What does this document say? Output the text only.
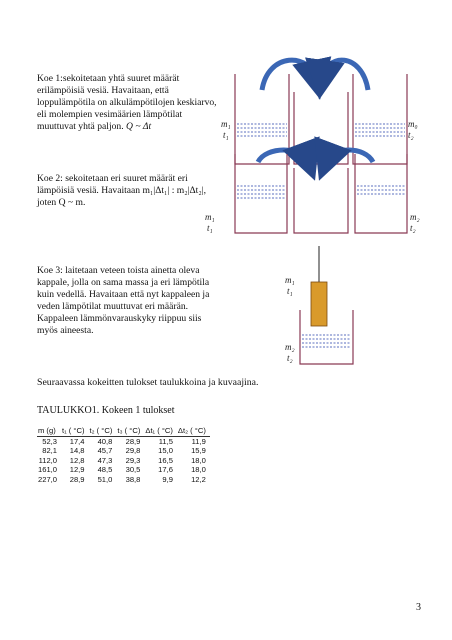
Koe 1:sekoitetaan yhtä suuret määrät
erilämpöisiä vesiä. Havaitaan, että
loppulämpötila on alkulämpötilojen keskiarvo,
eli molempien vesimäärien lämpötilat
muuttuvat yhtä paljon. Q ~ Δt	m₁
t₁
m₀
t₂
Koe 2: sekoitetaan eri suuret määrät eri
lämpöisiä vesiä. Havaitaan m₁|Δt₁| : m₂|Δt₂|,
joten Q ~ m.
m₁
t₁
m₂
t₂
Koe 3: laitetaan veteen toista ainetta oleva
kappale, jolla on sama massa ja eri lämpötila
kuin vedellä. Havaitaan että nyt kappaleen ja
veden lämpötilat muuttuvat eri määrän.
Kappaleen lämmönvarauskyky riippuu siis
myös aineesta.
m₁
t₁
m₂
t₂
Seuraavassa kokeitten tulokset taulukkoina ja kuvaajina.
TAULUKKO1. Kokeen 1 tulokset
m (g)	t₁ ( °C)	t₂ ( °C)	t₃ ( °C)	Δt₁ ( °C)	Δt₂ ( °C)
52,3	17,4	40,8	28,9	11,5	11,9
82,1	14,8	45,7	29,8	15,0	15,9
112,0	12,8	47,3	29,3	16,5	18,0
161,0	12,9	48,5	30,5	17,6	18,0
227,0	28,9	51,0	38,8	9,9	12,2
3
